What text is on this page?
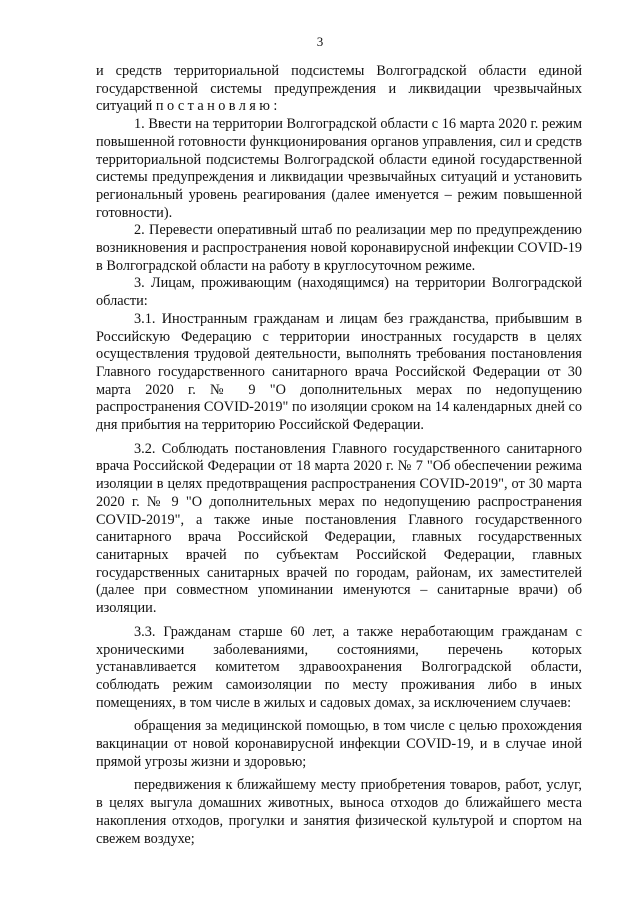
3

и средств территориальной подсистемы Волгоградской области единой государственной системы предупреждения и ликвидации чрезвычайных ситуаций постановляю:

1. Ввести на территории Волгоградской области с 16 марта 2020 г. режим повышенной готовности функционирования органов управления, сил и средств территориальной подсистемы Волгоградской области единой государственной системы предупреждения и ликвидации чрезвычайных ситуаций и установить региональный уровень реагирования (далее именуется – режим повышенной готовности).

2. Перевести оперативный штаб по реализации мер по предупреждению возникновения и распространения новой коронавирусной инфекции COVID-19 в Волгоградской области на работу в круглосуточном режиме.

3. Лицам, проживающим (находящимся) на территории Волгоградской области:

3.1. Иностранным гражданам и лицам без гражданства, прибывшим в Российскую Федерацию с территории иностранных государств в целях осуществления трудовой деятельности, выполнять требования постановления Главного государственного санитарного врача Российской Федерации от 30 марта 2020 г. № 9 "О дополнительных мерах по недопущению распространения COVID-2019" по изоляции сроком на 14 календарных дней со дня прибытия на территорию Российской Федерации.

3.2. Соблюдать постановления Главного государственного санитарного врача Российской Федерации от 18 марта 2020 г. № 7 "Об обеспечении режима изоляции в целях предотвращения распространения COVID-2019", от 30 марта 2020 г. № 9 "О дополнительных мерах по недопущению распространения COVID-2019", а также иные постановления Главного государственного санитарного врача Российской Федерации, главных государственных санитарных врачей по субъектам Российской Федерации, главных государственных санитарных врачей по городам, районам, их заместителей (далее при совместном упоминании именуются – санитарные врачи) об изоляции.

3.3. Гражданам старше 60 лет, а также неработающим гражданам с хроническими заболеваниями, состояниями, перечень которых устанавливается комитетом здравоохранения Волгоградской области, соблюдать режим самоизоляции по месту проживания либо в иных помещениях, в том числе в жилых и садовых домах, за исключением случаев:

обращения за медицинской помощью, в том числе с целью прохождения вакцинации от новой коронавирусной инфекции COVID-19, и в случае иной прямой угрозы жизни и здоровью;

передвижения к ближайшему месту приобретения товаров, работ, услуг, в целях выгула домашних животных, выноса отходов до ближайшего места накопления отходов, прогулки и занятия физической культурой и спортом на свежем воздухе;
